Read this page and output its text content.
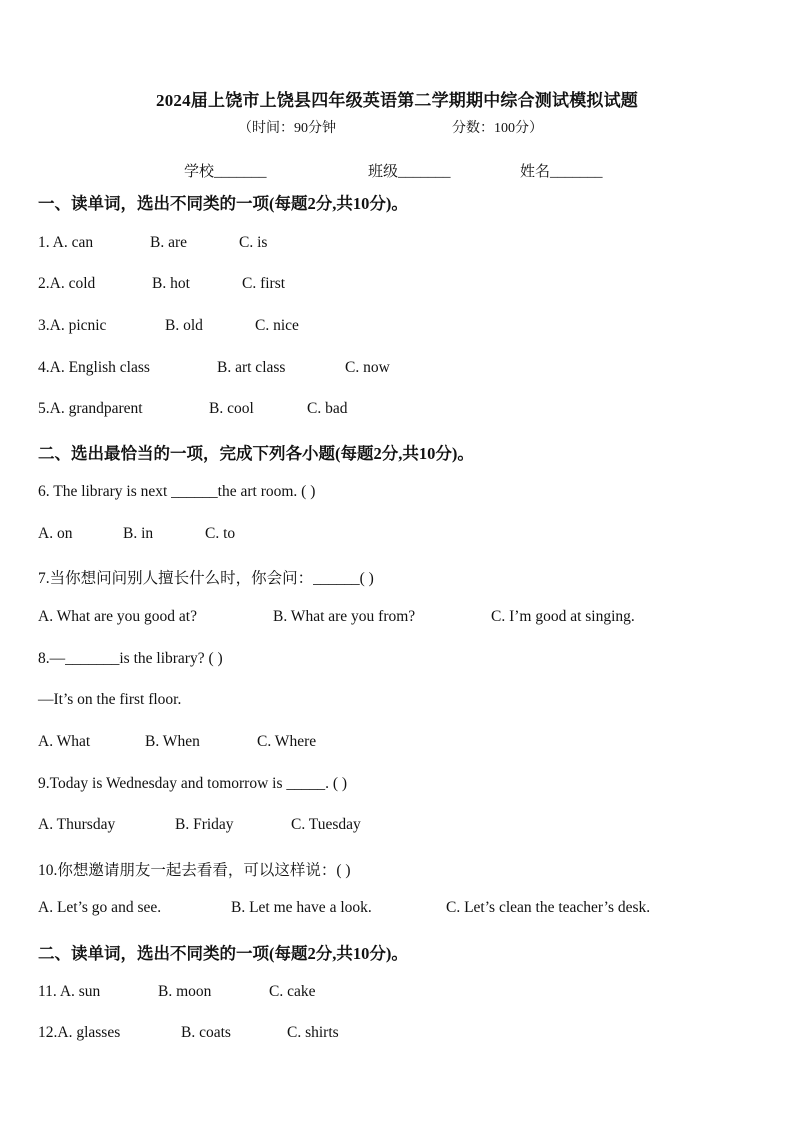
2024届上饶市上饶县四年级英语第二学期期中综合测试模拟试题
（时间：90分钟	分数：100分）
学校_______	班级_______	姓名_______
一、读单词，选出不同类的一项(每题2分,共10分)。
1. A. can	B. are	C. is
2.A. cold	B. hot	C. first
3.A. picnic	B. old	C. nice
4.A. English class	B. art class	C. now
5.A. grandparent	B. cool	C. bad
二、选出最恰当的一项，完成下列各小题(每题2分,共10分)。
6. The library is next ______the art room. ( )
A. on	B. in	C. to
7.当你想问问别人擅长什么时，你会问：______( )
A. What are you good at?	B. What are you from?	C. I’m good at singing.
8.—_______is the library? ( )
—It’s on the first floor.
A. What	B. When	C. Where
9.Today is Wednesday and tomorrow is _____. ( )
A. Thursday	B. Friday	C. Tuesday
10.你想邀请朋友一起去看看，可以这样说：( )
A. Let’s go and see.	B. Let me have a look.	C. Let’s clean the teacher’s desk.
二、读单词，选出不同类的一项(每题2分,共10分)。
11. A. sun	B. moon	C. cake
12.A. glasses	B. coats	C. shirts
